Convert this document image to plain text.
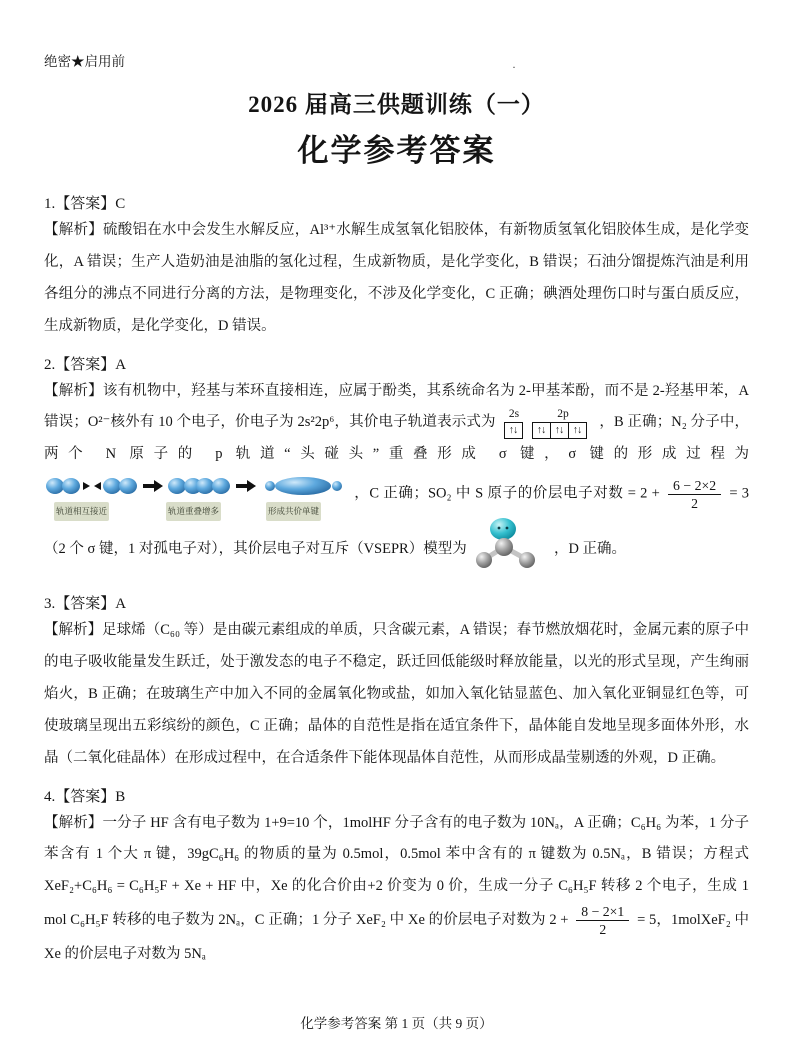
绝密★启用前	·
2026 届高三供题训练（一）
化学参考答案

1.【答案】C

【解析】硫酸铝在水中会发生水解反应，Al³⁺水解生成氢氧化铝胶体，有新物质氢氧化铝胶体生成，是化学变化，A 错误；生产人造奶油是油脂的氢化过程，生成新物质，是化学变化，B 错误；石油分馏提炼汽油是利用各组分的沸点不同进行分离的方法，是物理变化，不涉及化学变化，C 正确；碘酒处理伤口时与蛋白质反应，生成新物质，是化学变化，D 错误。

2.【答案】A

【解析】该有机物中，羟基与苯环直接相连，应属于酚类，其系统命名为 2-甲基苯酚，而不是 2-羟基甲苯，A 错误；O²⁻核外有 10 个电子，价电子为 2s²2p⁶，其价电子轨道表示式为
2s	2p
↑↓ ↑↓ ↑↓ ↑↓	，B 正确；N₂ 分子中，两个 N 原子的 p 轨道“头碰头”重叠形成 σ 键，σ 键的形成过程为
轨道相互接近	轨道重叠增多	形成共价单键
，C 正确；SO₂ 中 S 原子的价层电子对数 = $2 + \frac{6 - 2\times 2}{2} = 3(2$ 个 σ 键，1 对孤电子对），其价层电子对互斥（VSEPR）模型为	，D 正确。

3.【答案】A

【解析】足球烯（C₆₀ 等）是由碳元素组成的单质，只含碳元素，A 错误；春节燃放烟花时，金属元素的原子中的电子吸收能量发生跃迁，处于激发态的电子不稳定，跃迁回低能级时释放能量，以光的形式呈现，产生绚丽焰火，B 正确；在玻璃生产中加入不同的金属氧化物或盐，如加入氧化钴显蓝色、加入氧化亚铜显红色等，可使玻璃呈现出五彩缤纷的颜色，C 正确；晶体的自范性是指在适宜条件下，晶体能自发地呈现多面体外形，水晶（二氧化硅晶体）在形成过程中，在合适条件下能体现晶体自范性，从而形成晶莹剔透的外观，D 正确。

4.【答案】B

【解析】一分子 HF 含有电子数为 1+9=10 个，1molHF 分子含有的电子数为 10Nₐ，A 正确；C₆H₆ 为苯，1 分子苯含有 1 个大 π 键，39gC₆H₆ 的物质的量为 0.5mol，0.5mol 苯中含有的 π 键数为 0.5Nₐ，B 错误；方程式 XeF₂+C₆H₆ = C₆H₅F + Xe + HF 中，Xe 的化合价由+2 价变为 0 价，生成一分子 C₆H₅F 转移 2 个电子，生成 1 mol C₆H₅F 转移的电子数为 2Nₐ，C 正确；1 分子 XeF₂ 中 Xe 的价层电子对数为 $2 + \frac{8 - 2\times 1}{2} = 5$，1molXeF₂ 中 Xe 的价层电子对数为 5Nₐ

化学参考答案 第 1 页（共 9 页）
